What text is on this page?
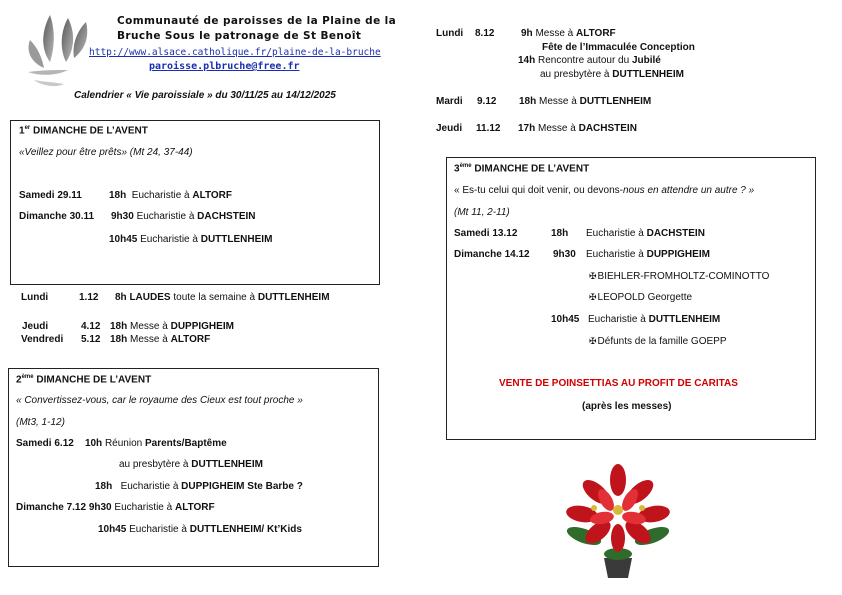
Communauté de paroisses de la Plaine de la
Bruche Sous le patronage de St Benoît
http://www.alsace.catholique.fr/plaine-de-la-bruche
paroisse.plbruche@free.fr
Calendrier « Vie paroissiale » du 30/11/25 au 14/12/2025
1er DIMANCHE DE L’AVENT
«Veillez pour être prêts» (Mt 24, 37-44)
Samedi 29.11	18h Eucharistie à ALTORF
Dimanche 30.11 9h30 Eucharistie à DACHSTEIN
10h45 Eucharistie à DUTTLENHEIM
Lundi	1.12 8h LAUDES toute la semaine à DUTTLENHEIM
Jeudi	4.12 18h Messe à DUPPIGHEIM
Vendredi 5.12 18h Messe à ALTORF
2ème DIMANCHE DE L’AVENT
« Convertissez-vous, car le royaume des Cieux est tout proche »
(Mt3, 1-12)
Samedi 6.12 10h Réunion Parents/Baptême
au presbytère à DUTTLENHEIM
18h Eucharistie à DUPPIGHEIM Ste Barbe ?
Dimanche 7.12 9h30 Eucharistie à ALTORF
10h45 Eucharistie à DUTTLENHEIM/ Kt’Kids
Lundi 8.12	9h Messe à ALTORF
Fête de l’Immaculée Conception
14h Rencontre autour du Jubilé
au presbytère à DUTTLENHEIM
Mardi 9.12 18h Messe à DUTTLENHEIM
Jeudi 11.12 17h Messe à DACHSTEIN
3ème DIMANCHE DE L’AVENT
« Es-tu celui qui doit venir, ou devons-nous en attendre un autre ? »
(Mt 11, 2-11)
Samedi 13.12	18h Eucharistie à DACHSTEIN
Dimanche 14.12 9h30 Eucharistie à DUPPIGHEIM
✠BIEHLER-FROMHOLTZ-COMINOTTO
✠LEOPOLD Georgette
10h45 Eucharistie à DUTTLENHEIM
✠Défunts de la famille GOEPP
VENTE DE POINSETTIAS AU PROFIT DE CARITAS
(après les messes)
